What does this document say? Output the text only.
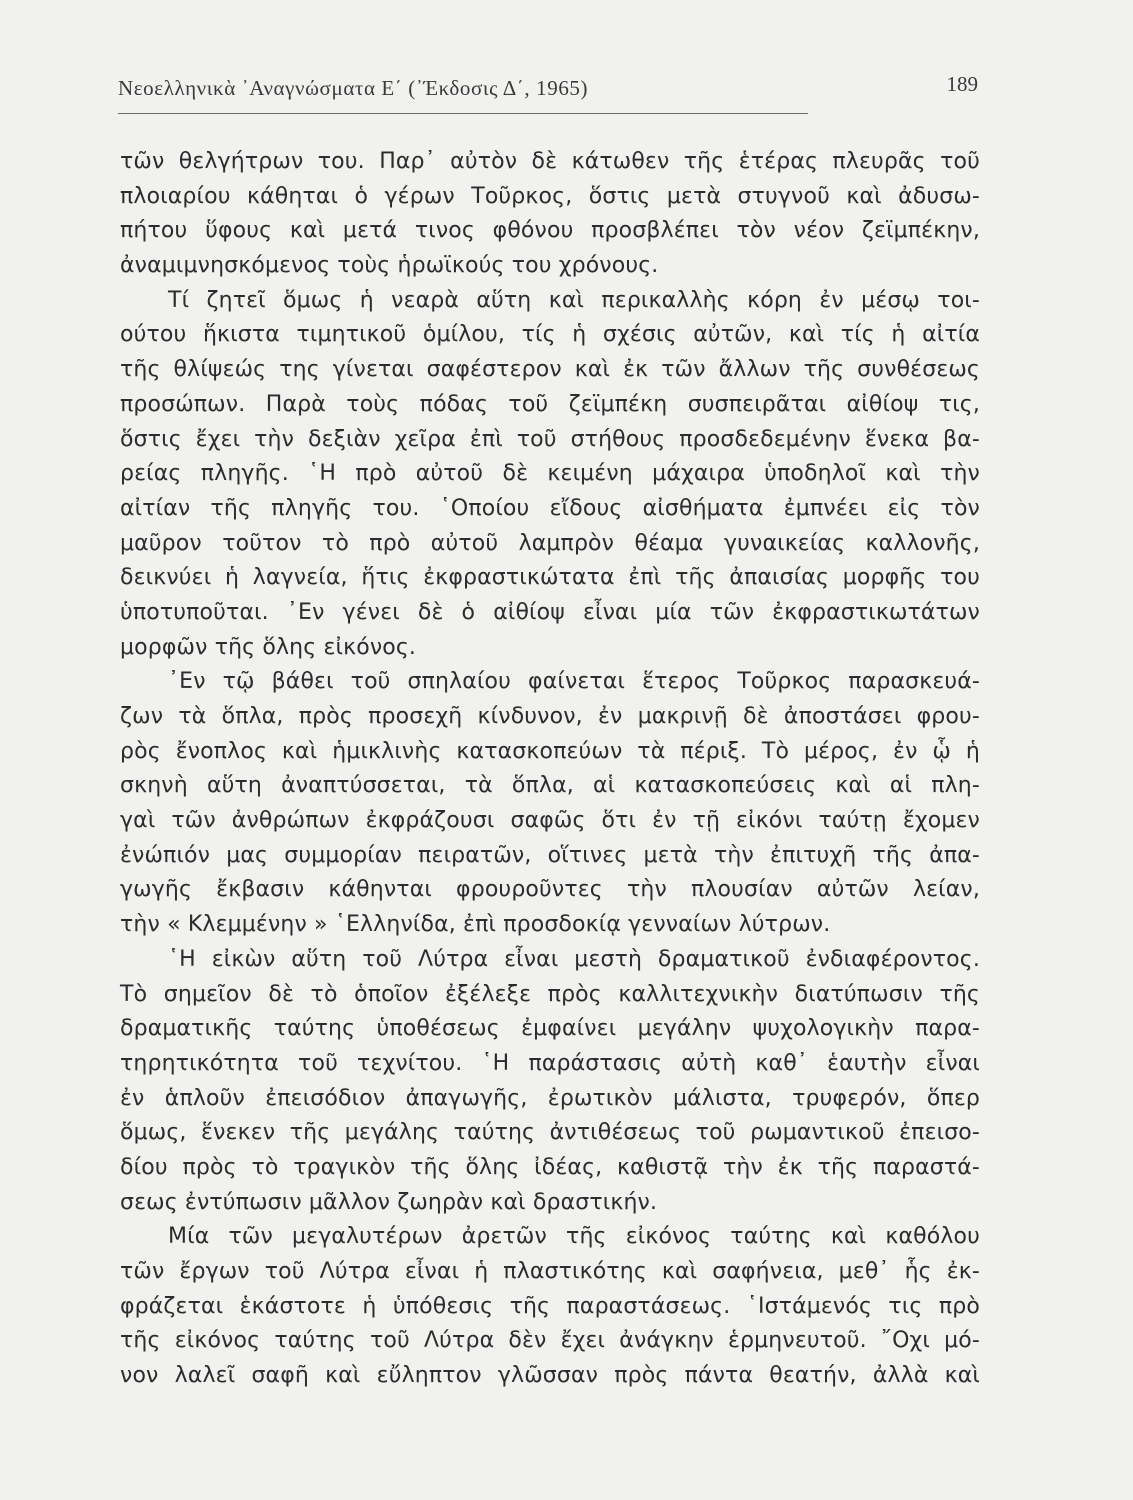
Νεοελληνικὰ ᾿Αναγνώσματα Ε΄ (᾿Έκδοσις Δ΄, 1965)	189
τῶν θελγήτρων του. Παρ᾿ αὐτὸν δὲ κάτωθεν τῆς ἑτέρας πλευρᾶς τοῦ
πλοιαρίου κάθηται ὁ γέρων Τοῦρκος, ὅστις μετὰ στυγνοῦ καὶ ἀδυσω-
πήτου ὕφους καὶ μετά τινος φθόνου προσβλέπει τὸν νέον ζεϊμπέκην,
ἀναμιμνησκόμενος τοὺς ἡρωϊκούς του χρόνους.
Τί ζητεῖ ὅμως ἡ νεαρὰ αὕτη καὶ περικαλλὴς κόρη ἐν μέσῳ τοι-
ούτου ἥκιστα τιμητικοῦ ὁμίλου, τίς ἡ σχέσις αὐτῶν, καὶ τίς ἡ αἰτία
τῆς θλίψεώς της γίνεται σαφέστερον καὶ ἐκ τῶν ἄλλων τῆς συνθέσεως
προσώπων. Παρὰ τοὺς πόδας τοῦ ζεϊμπέκη συσπειρᾶται αἰθίοψ τις,
ὅστις ἔχει τὴν δεξιὰν χεῖρα ἐπὶ τοῦ στήθους προσδεδεμένην ἕνεκα βα-
ρείας πληγῆς. ῾Η πρὸ αὐτοῦ δὲ κειμένη μάχαιρα ὑποδηλοῖ καὶ τὴν
αἰτίαν τῆς πληγῆς του. ῾Οποίου εἴδους αἰσθήματα ἐμπνέει εἰς τὸν
μαῦρον τοῦτον τὸ πρὸ αὐτοῦ λαμπρὸν θέαμα γυναικείας καλλονῆς,
δεικνύει ἡ λαγνεία, ἥτις ἐκφραστικώτατα ἐπὶ τῆς ἀπαισίας μορφῆς του
ὑποτυποῦται. ᾿Εν γένει δὲ ὁ αἰθίοψ εἶναι μία τῶν ἐκφραστικωτάτων
μορφῶν τῆς ὅλης εἰκόνος.
᾿Εν τῷ βάθει τοῦ σπηλαίου φαίνεται ἕτερος Τοῦρκος παρασκευά-
ζων τὰ ὅπλα, πρὸς προσεχῆ κίνδυνον, ἐν μακρινῇ δὲ ἀποστάσει φρου-
ρὸς ἔνοπλος καὶ ἡμικλινὴς κατασκοπεύων τὰ πέριξ. Τὸ μέρος, ἐν ᾧ ἡ
σκηνὴ αὕτη ἀναπτύσσεται, τὰ ὅπλα, αἱ κατασκοπεύσεις καὶ αἱ πλη-
γαὶ τῶν ἀνθρώπων ἐκφράζουσι σαφῶς ὅτι ἐν τῇ εἰκόνι ταύτῃ ἔχομεν
ἐνώπιόν μας συμμορίαν πειρατῶν, οἵτινες μετὰ τὴν ἐπιτυχῆ τῆς ἀπα-
γωγῆς ἔκβασιν κάθηνται φρουροῦντες τὴν πλουσίαν αὐτῶν λείαν,
τὴν « Κλεμμένην » ῾Ελληνίδα, ἐπὶ προσδοκίᾳ γενναίων λύτρων.
῾Η εἰκὼν αὕτη τοῦ Λύτρα εἶναι μεστὴ δραματικοῦ ἐνδιαφέροντος.
Τὸ σημεῖον δὲ τὸ ὁποῖον ἐξέλεξε πρὸς καλλιτεχνικὴν διατύπωσιν τῆς
δραματικῆς ταύτης ὑποθέσεως ἐμφαίνει μεγάλην ψυχολογικὴν παρα-
τηρητικότητα τοῦ τεχνίτου. ῾Η παράστασις αὐτὴ καθ᾿ ἑαυτὴν εἶναι
ἐν ἁπλοῦν ἐπεισόδιον ἀπαγωγῆς, ἐρωτικὸν μάλιστα, τρυφερόν, ὅπερ
ὅμως, ἕνεκεν τῆς μεγάλης ταύτης ἀντιθέσεως τοῦ ρωμαντικοῦ ἐπεισο-
δίου πρὸς τὸ τραγικὸν τῆς ὅλης ἰδέας, καθιστᾷ τὴν ἐκ τῆς παραστά-
σεως ἐντύπωσιν μᾶλλον ζωηρὰν καὶ δραστικήν.
Μία τῶν μεγαλυτέρων ἀρετῶν τῆς εἰκόνος ταύτης καὶ καθόλου
τῶν ἔργων τοῦ Λύτρα εἶναι ἡ πλαστικότης καὶ σαφήνεια, μεθ᾿ ἧς ἐκ-
φράζεται ἑκάστοτε ἡ ὑπόθεσις τῆς παραστάσεως. ῾Ιστάμενός τις πρὸ
τῆς εἰκόνος ταύτης τοῦ Λύτρα δὲν ἔχει ἀνάγκην ἑρμηνευτοῦ. ῎Οχι μό-
νον λαλεῖ σαφῆ καὶ εὔληπτον γλῶσσαν πρὸς πάντα θεατήν, ἀλλὰ καὶ
